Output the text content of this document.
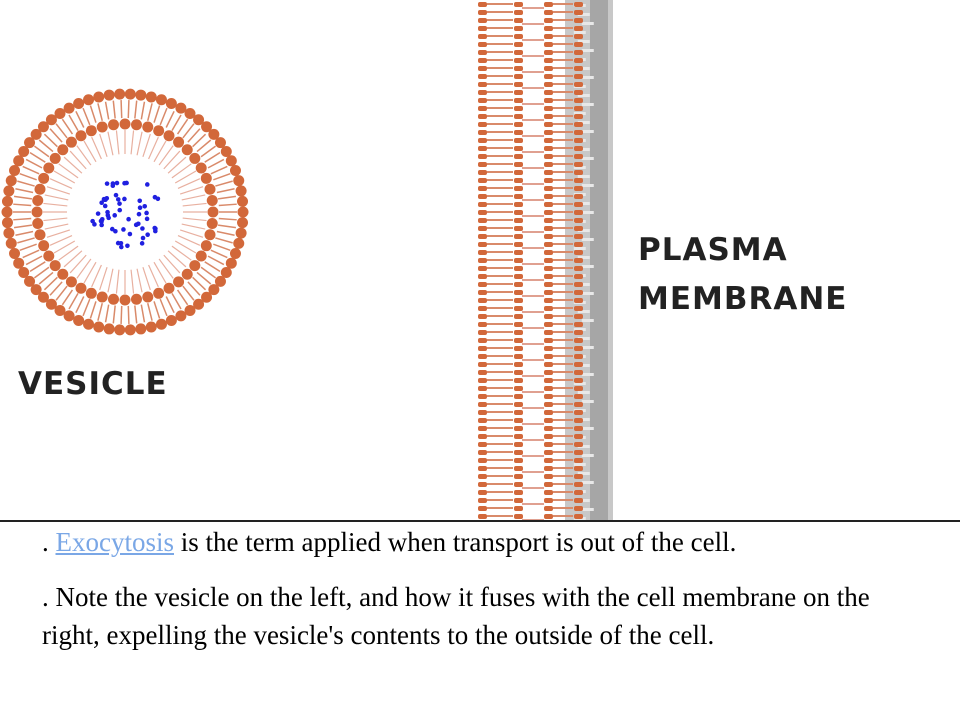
VESICLE
PLASMA
MEMBRANE
. Exocytosis is the term applied when transport is out of the cell.
. Note the vesicle on the left, and how it fuses with the cell membrane on the right, expelling the vesicle's contents to the outside of the cell.
